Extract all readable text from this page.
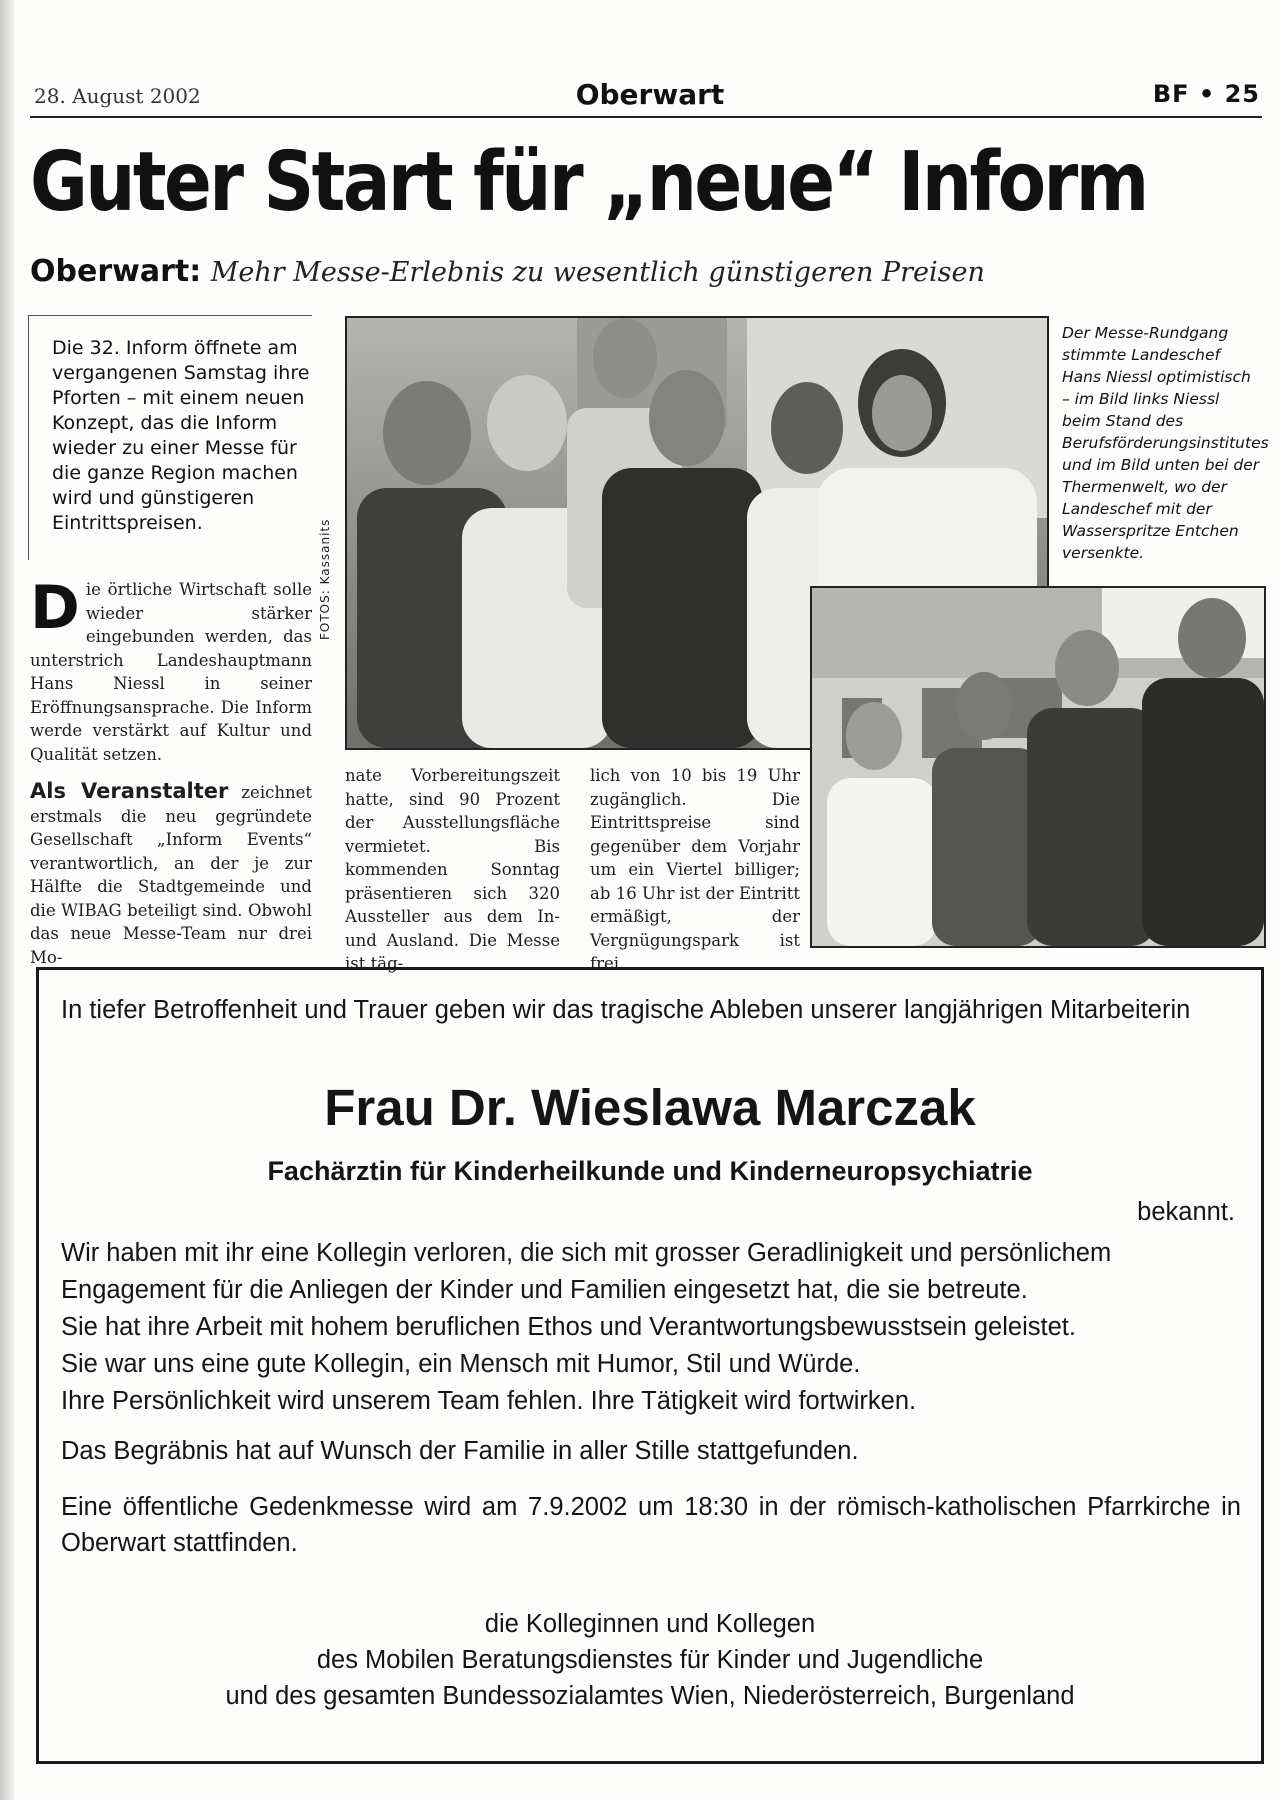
28. August 2002	Oberwart	BF • 25
Guter Start für „neue“ Inform
Oberwart: Mehr Messe-Erlebnis zu wesentlich günstigeren Preisen
Die 32. Inform öffnete am vergangenen Samstag ihre Pforten – mit einem neuen Konzept, das die Inform wieder zu einer Messe für die ganze Region machen wird und günstigeren Eintrittspreisen.
Die örtliche Wirtschaft solle wieder stärker eingebunden werden, das unterstrich Landeshauptmann Hans Niessl in seiner Eröffnungsansprache. Die Inform werde verstärkt auf Kultur und Qualität setzen.
Als Veranstalter zeichnet erstmals die neu gegründete Gesellschaft „Inform Events“ verantwortlich, an der je zur Hälfte die Stadtgemeinde und die WIBAG beteiligt sind. Obwohl das neue Messe-Team nur drei Mo-
FOTOS: Kassanits
Der Messe-Rundgang stimmte Landeschef Hans Niessl optimistisch – im Bild links Niessl beim Stand des Berufsförderungsinstitutes und im Bild unten bei der Thermenwelt, wo der Landeschef mit der Wasserspritze Entchen versenkte.
nate Vorbereitungszeit hatte, sind 90 Prozent der Ausstellungsfläche vermietet. Bis kommenden Sonntag präsentieren sich 320 Aussteller aus dem In- und Ausland. Die Messe ist täg-
lich von 10 bis 19 Uhr zugänglich. Die Eintrittspreise sind gegenüber dem Vorjahr um ein Viertel billiger; ab 16 Uhr ist der Eintritt ermäßigt, der Vergnügungspark ist frei.
In tiefer Betroffenheit und Trauer geben wir das tragische Ableben unserer langjährigen Mitarbeiterin
Frau Dr. Wieslawa Marczak
Fachärztin für Kinderheilkunde und Kinderneuropsychiatrie
bekannt.
Wir haben mit ihr eine Kollegin verloren, die sich mit grosser Geradlinigkeit und persönlichem
Engagement für die Anliegen der Kinder und Familien eingesetzt hat, die sie betreute.
Sie hat ihre Arbeit mit hohem beruflichen Ethos und Verantwortungsbewusstsein geleistet.
Sie war uns eine gute Kollegin, ein Mensch mit Humor, Stil und Würde.
Ihre Persönlichkeit wird unserem Team fehlen. Ihre Tätigkeit wird fortwirken.
Das Begräbnis hat auf Wunsch der Familie in aller Stille stattgefunden.
Eine öffentliche Gedenkmesse wird am 7.9.2002 um 18:30 in der römisch-katholischen Pfarrkirche in Oberwart stattfinden.
die Kolleginnen und Kollegen
des Mobilen Beratungsdienstes für Kinder und Jugendliche
und des gesamten Bundessozialamtes Wien, Niederösterreich, Burgenland
